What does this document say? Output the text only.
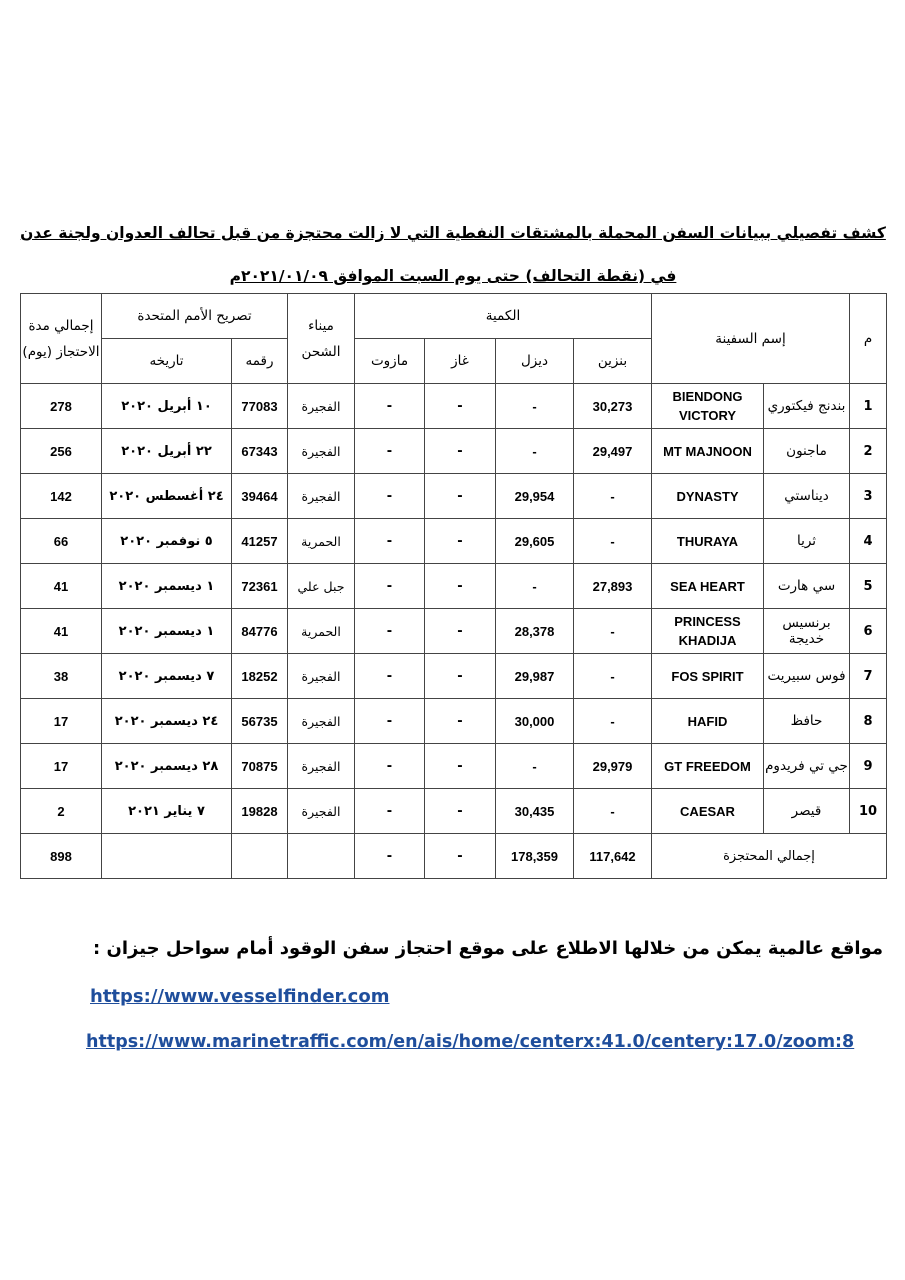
كشف تفصيلي ببيانات السفن المحملة بالمشتقات النفطية التي لا زالت محتجزة من قبل تحالف العدوان ولجنة عدن في (نقطة التحالف) حتى يوم السبت الموافق ٢٠٢١/٠١/٠٩م

م	إسم السفينة		الكمية				ميناء الشحن	تصريح الأمم المتحدة		إجمالي مدة الاحتجاز (يوم)
			بنزين	ديزل	غاز	مازوت		رقمه	تاريخه	
1	بندنج فيكتوري	BIENDONG VICTORY	30,273	-	-	-	الفجيرة	77083	١٠ أبريل ٢٠٢٠	278
2	ماجنون	MT MAJNOON	29,497	-	-	-	الفجيرة	67343	٢٢ أبريل ٢٠٢٠	256
3	ديناستي	DYNASTY	-	29,954	-	-	الفجيرة	39464	٢٤ أغسطس ٢٠٢٠	142
4	ثريا	THURAYA	-	29,605	-	-	الحمرية	41257	٥ نوفمبر ٢٠٢٠	66
5	سي هارت	SEA HEART	27,893	-	-	-	جبل علي	72361	١ ديسمبر ٢٠٢٠	41
6	برنسيس خديجة	PRINCESS KHADIJA	-	28,378	-	-	الحمرية	84776	١ ديسمبر ٢٠٢٠	41
7	فوس سبيريت	FOS SPIRIT	-	29,987	-	-	الفجيرة	18252	٧ ديسمبر ٢٠٢٠	38
8	حافظ	HAFID	-	30,000	-	-	الفجيرة	56735	٢٤ ديسمبر ٢٠٢٠	17
9	جي تي فريدوم	GT FREEDOM	29,979	-	-	-	الفجيرة	70875	٢٨ ديسمبر ٢٠٢٠	17
10	قيصر	CAESAR	-	30,435	-	-	الفجيرة	19828	٧ يناير ٢٠٢١	2
إجمالي المحتجزة			117,642	178,359	-	-				898

مواقع عالمية يمكن من خلالها الاطلاع على موقع احتجاز سفن الوقود أمام سواحل جيزان :

https://www.vesselfinder.com
https://www.marinetraffic.com/en/ais/home/centerx:41.0/centery:17.0/zoom:8
